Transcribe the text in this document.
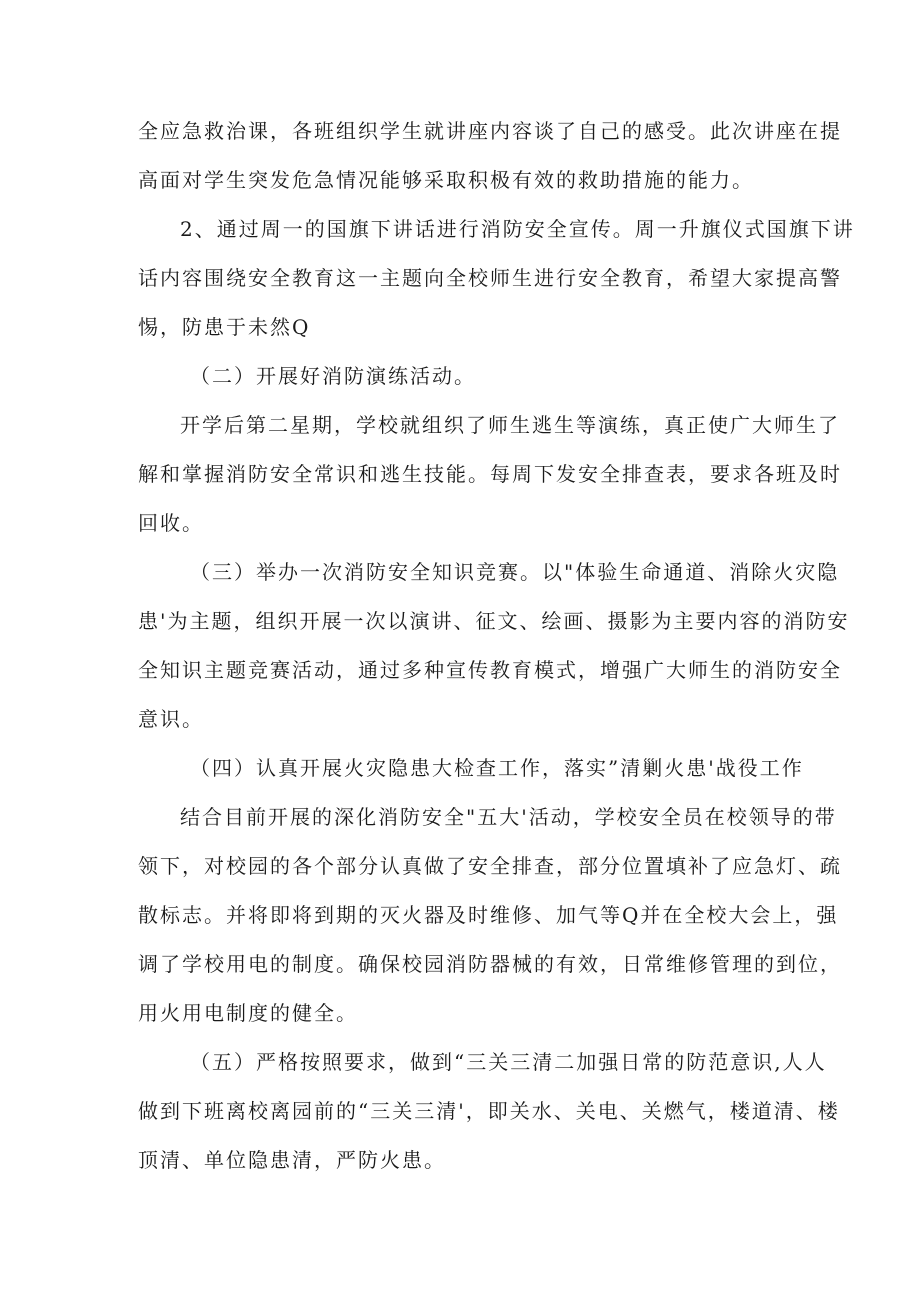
全应急救治课，各班组织学生就讲座内容谈了自己的感受。此次讲座在提
高面对学生突发危急情况能够采取积极有效的救助措施的能力。
2、通过周一的国旗下讲话进行消防安全宣传。周一升旗仪式国旗下讲
话内容围绕安全教育这一主题向全校师生进行安全教育，希望大家提高警
惕，防患于未然Q
（二）开展好消防演练活动。
开学后第二星期，学校就组织了师生逃生等演练，真正使广大师生了
解和掌握消防安全常识和逃生技能。每周下发安全排查表，要求各班及时
回收。
（三）举办一次消防安全知识竞赛。以"体验生命通道、消除火灾隐
患'为主题，组织开展一次以演讲、征文、绘画、摄影为主要内容的消防安
全知识主题竞赛活动，通过多种宣传教育模式，增强广大师生的消防安全
意识。
（四）认真开展火灾隐患大检查工作，落实”清剿火患'战役工作
结合目前开展的深化消防安全"五大'活动，学校安全员在校领导的带
领下，对校园的各个部分认真做了安全排查，部分位置填补了应急灯、疏
散标志。并将即将到期的灭火器及时维修、加气等Q并在全校大会上，强
调了学校用电的制度。确保校园消防器械的有效，日常维修管理的到位，
用火用电制度的健全。
（五）严格按照要求，做到“三关三清二加强日常的防范意识,人人
做到下班离校离园前的“三关三清'，即关水、关电、关燃气，楼道清、楼
顶清、单位隐患清，严防火患。
